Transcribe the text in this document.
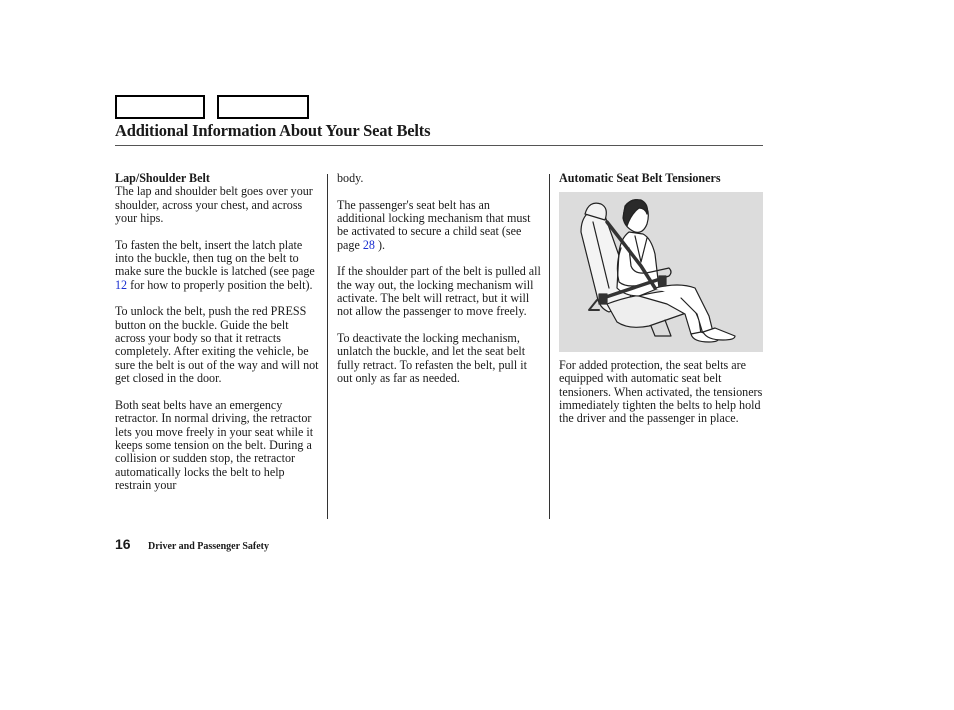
Additional Information About Your Seat Belts
Lap/Shoulder Belt

The lap and shoulder belt goes over your shoulder, across your chest, and across your hips.

To fasten the belt, insert the latch plate into the buckle, then tug on the belt to make sure the buckle is latched (see page 12 for how to properly position the belt).

To unlock the belt, push the red PRESS button on the buckle. Guide the belt across your body so that it retracts completely. After exiting the vehicle, be sure the belt is out of the way and will not get closed in the door.

Both seat belts have an emergency retractor. In normal driving, the retractor lets you move freely in your seat while it keeps some tension on the belt. During a collision or sudden stop, the retractor automatically locks the belt to help restrain your

body.

The passenger's seat belt has an additional locking mechanism that must be activated to secure a child seat (see page 28 ).

If the shoulder part of the belt is pulled all the way out, the locking mechanism will activate. The belt will retract, but it will not allow the passenger to move freely.

To deactivate the locking mechanism, unlatch the buckle, and let the seat belt fully retract. To refasten the belt, pull it out only as far as needed.

Automatic Seat Belt Tensioners

For added protection, the seat belts are equipped with automatic seat belt tensioners. When activated, the tensioners immediately tighten the belts to help hold the driver and the passenger in place.

16 Driver and Passenger Safety
